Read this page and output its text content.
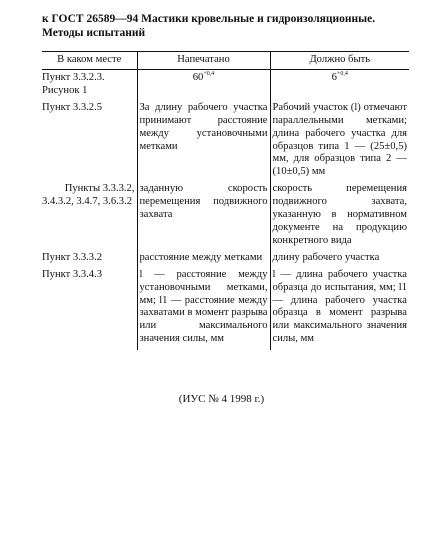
к ГОСТ 26589—94 Мастики кровельные и гидроизоляционные. Методы испытаний
В каком месте	Напечатано	Должно быть

Пункт 3.3.2.3.
Рисунок 1	$60^{+0,4}$	$6^{+0,4}$

Пункт 3.3.2.5	За длину рабочего участка принимают расстояние между установочными метками	Рабочий участок (l) отмечают параллельными метками; длина рабочего участка для образцов типа 1 — (25±0,5) мм, для образцов типа 2 — (10±0,5) мм

Пункты 3.3.3.2,
3.4.3.2, 3.4.7, 3.6.3.2	заданную скорость перемещения подвижного захвата	скорость перемещения подвижного захвата, указанную в нормативном документе на продукцию конкретного вида

Пункт 3.3.3.2	расстояние между метками	длину рабочего участка

Пункт 3.3.4.3	l — расстояние между установочными метками, мм; l1 — расстояние между захватами в момент разрыва или максимального значения силы, мм	l — длина рабочего участка образца до испытания, мм; l1 — длина рабочего участка образца в момент разрыва или максимального значения силы, мм
(ИУС № 4 1998 г.)
